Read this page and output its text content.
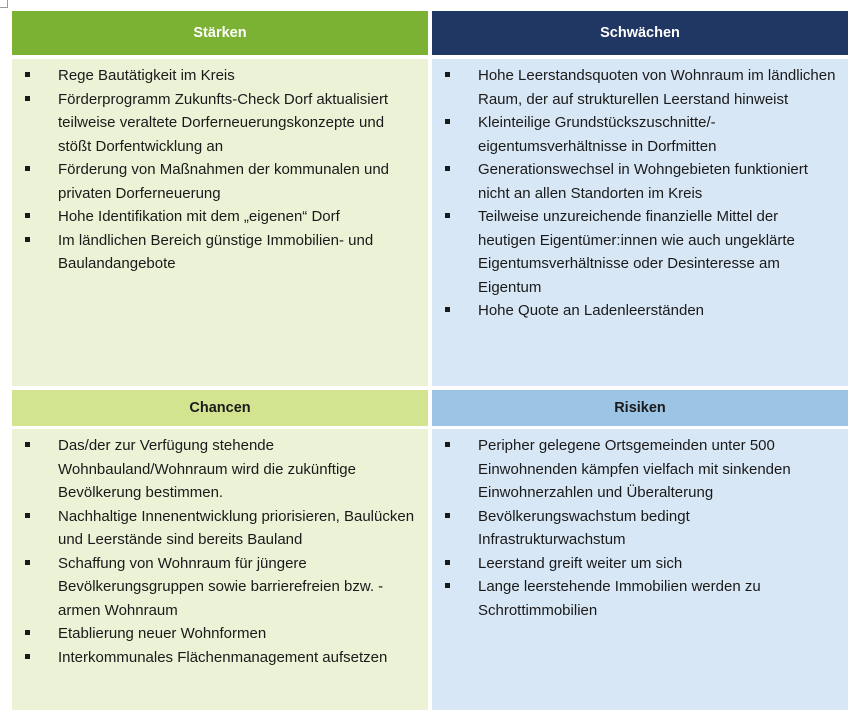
Stärken	Schwächen
Rege Bautätigkeit im Kreis
Förderprogramm Zukunfts-Check Dorf aktualisiert teilweise veraltete Dorferneuerungskonzepte und stößt Dorfentwicklung an
Förderung von Maßnahmen der kommunalen und privaten Dorferneuerung
Hohe Identifikation mit dem „eigenen“ Dorf
Im ländlichen Bereich günstige Immobilien- und Baulandangebote
Hohe Leerstandsquoten von Wohnraum im ländlichen Raum, der auf strukturellen Leerstand hinweist
Kleinteilige Grundstückszuschnitte/-eigentumsverhältnisse in Dorfmitten
Generationswechsel in Wohngebieten funktioniert nicht an allen Standorten im Kreis
Teilweise unzureichende finanzielle Mittel der heutigen Eigentümer:innen wie auch ungeklärte Eigentumsverhältnisse oder Desinteresse am Eigentum
Hohe Quote an Ladenleerständen
Chancen	Risiken
Das/der zur Verfügung stehende Wohnbauland/Wohnraum wird die zukünftige Bevölkerung bestimmen.
Nachhaltige Innenentwicklung priorisieren, Baulücken und Leerstände sind bereits Bauland
Schaffung von Wohnraum für jüngere Bevölkerungsgruppen sowie barrierefreien bzw. -armen Wohnraum
Etablierung neuer Wohnformen
Interkommunales Flächenmanagement aufsetzen
Peripher gelegene Ortsgemeinden unter 500 Einwohnenden kämpfen vielfach mit sinkenden Einwohnerzahlen und Überalterung
Bevölkerungswachstum bedingt Infrastrukturwachstum
Leerstand greift weiter um sich
Lange leerstehende Immobilien werden zu Schrottimmobilien
